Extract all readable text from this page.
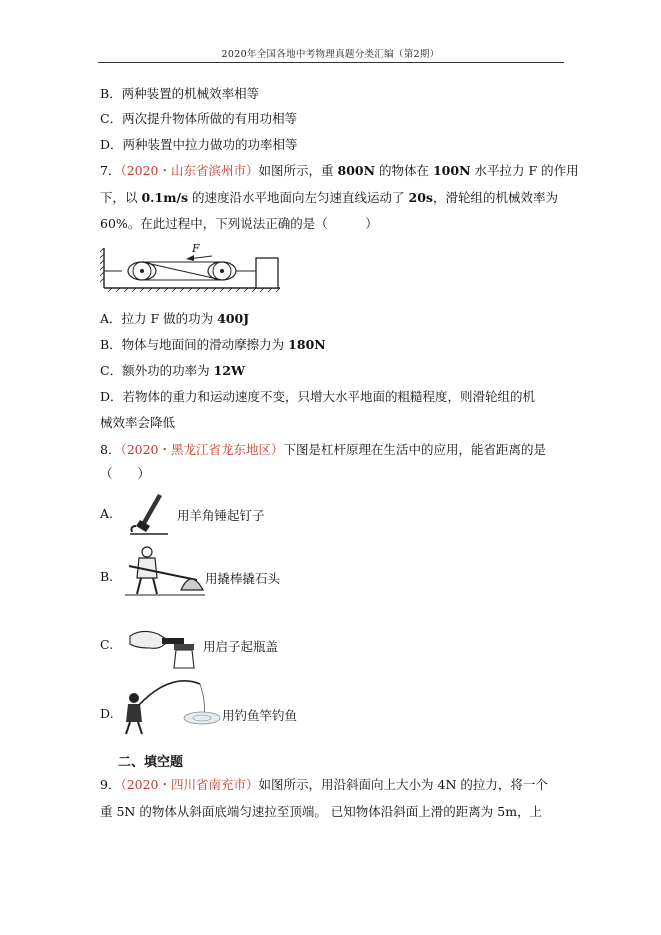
2020年全国各地中考物理真题分类汇编（第2期）
B．两种装置的机械效率相等
C．两次提升物体所做的有用功相等
D．两种装置中拉力做功的功率相等
7．（2020・山东省滨州市）如图所示，重 800N 的物体在 100N 水平拉力 F 的作用
下，以 0.1m/s 的速度沿水平地面向左匀速直线运动了 20s，滑轮组的机械效率为
60%。在此过程中，下列说法正确的是（　　　）
F
A．拉力 F 做的功为 400J
B．物体与地面间的滑动摩擦力为 180N
C．额外功的功率为 12W
D．若物体的重力和运动速度不变，只增大水平地面的粗糙程度，则滑轮组的机
械效率会降低
8．（2020・黑龙江省龙东地区）下图是杠杆原理在生活中的应用，能省距离的是
（　　）
A.	用羊角锤起钉子
B.	用撬棒撬石头
C.	用启子起瓶盖
D.	用钓鱼竿钓鱼
二、填空题
9．（2020・四川省南充市）如图所示，用沿斜面向上大小为 4N 的拉力，将一个
重 5N 的物体从斜面底端匀速拉至顶端。 已知物体沿斜面上滑的距离为 5m，上
